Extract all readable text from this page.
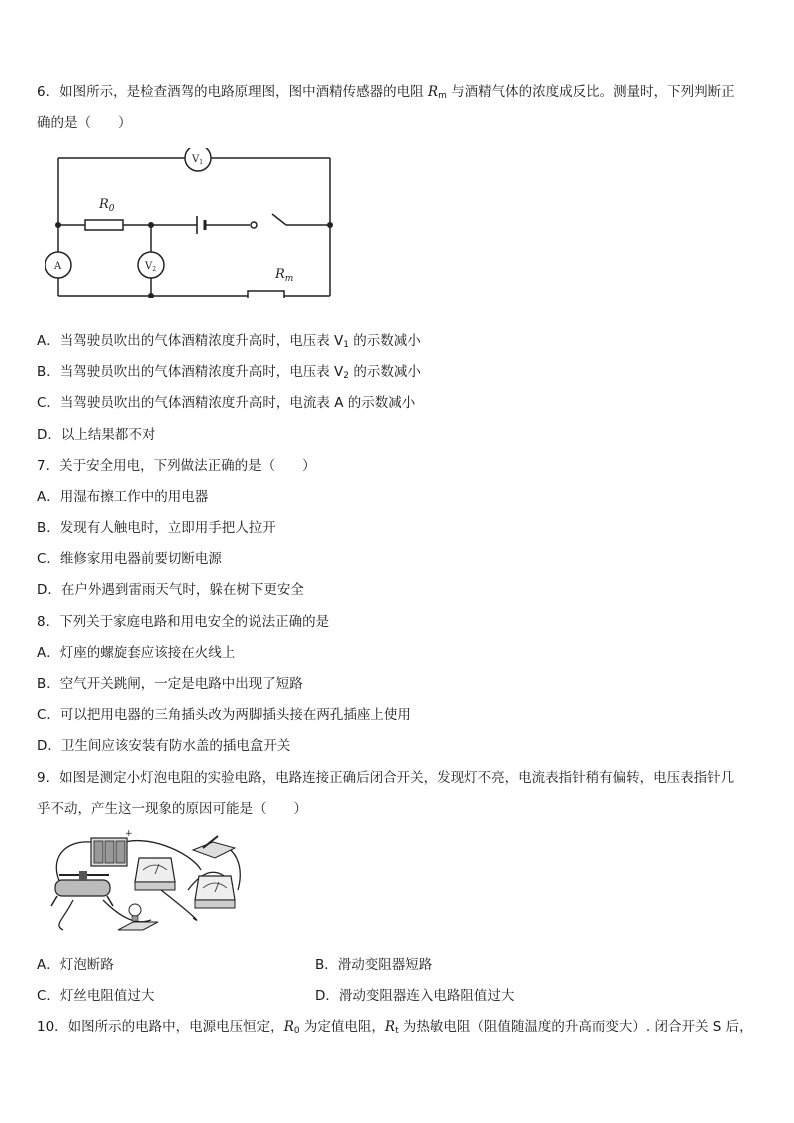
6．如图所示，是检查酒驾的电路原理图，图中酒精传感器的电阻 $R_m$ 与酒精气体的浓度成反比。测量时，下列判断正
确的是（　　）
$V_1$
A	$V_2$
$R_0$
$R_m$
A．当驾驶员吹出的气体酒精浓度升高时，电压表 $V_1$ 的示数减小
B．当驾驶员吹出的气体酒精浓度升高时，电压表 $V_2$ 的示数减小
C．当驾驶员吹出的气体酒精浓度升高时，电流表 A 的示数减小
D．以上结果都不对
7．关于安全用电，下列做法正确的是（　　）
A．用湿布擦工作中的用电器
B．发现有人触电时，立即用手把人拉开
C．维修家用电器前要切断电源
D．在户外遇到雷雨天气时，躲在树下更安全
8．下列关于家庭电路和用电安全的说法正确的是
A．灯座的螺旋套应该接在火线上
B．空气开关跳闸，一定是电路中出现了短路
C．可以把用电器的三角插头改为两脚插头接在两孔插座上使用
D．卫生间应该安装有防水盖的插电盒开关
9．如图是测定小灯泡电阻的实验电路，电路连接正确后闭合开关，发现灯不亮，电流表指针稍有偏转，电压表指针几
乎不动，产生这一现象的原因可能是（　　）
+
A．灯泡断路	B．滑动变阻器短路
C．灯丝电阻值过大	D．滑动变阻器连入电路阻值过大
10．如图所示的电路中，电源电压恒定，$R_0$ 为定值电阻，$R_t$ 为热敏电阻（阻值随温度的升高而变大）. 闭合开关 S 后，
